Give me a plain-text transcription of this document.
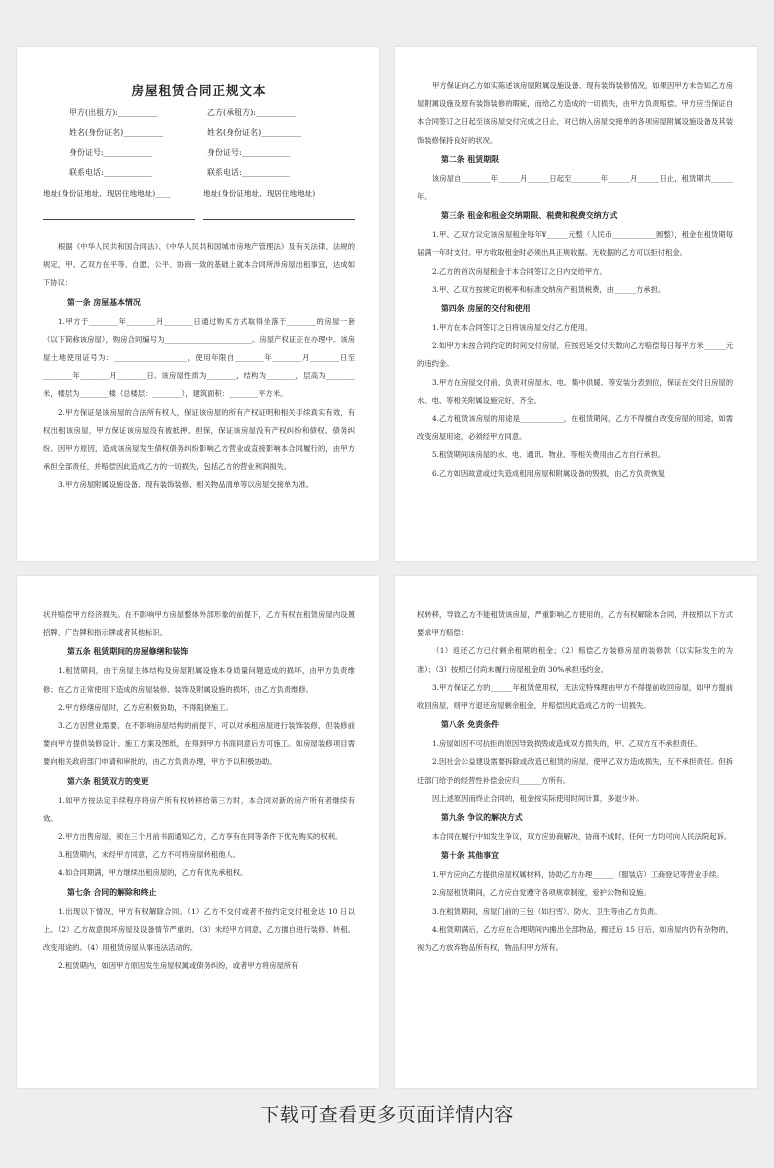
房屋租赁合同正规文本
甲方(出租方):__________	乙方(承租方):__________
姓名(身份证名)__________	姓名(身份证名)__________
身份证号:____________	身份证号:____________
联系电话:____________	联系电话:____________
地址(身份证地址、现居住地地址)____	地址(身份证地址、现居住地地址)

根据《中华人民共和国合同法》、《中华人民共和国城市房地产管理法》及有关法律、法规的规定，甲、乙双方在平等、自愿、公平、协商一致的基础上就本合同所涉房屋出租事宜，达成如下协议：

第一条 房屋基本情况

1.甲方于________年________月________日通过购买方式取得坐落于________的房屋一套（以下简称该房屋），购房合同编号为________________________。房屋产权证正在办理中。该房屋土地使用证号为：____________________，使用年限自________年________月________日至________年________月________日。该房屋性质为________，结构为________，层高为________米，楼层为________楼（总楼层：________），建筑面积：________平方米。

2.甲方保证是该房屋的合法所有权人，保证该房屋的所有产权证明和相关手续真实有效，有权出租该房屋，甲方保证该房屋没有被抵押、担保，保证该房屋没有产权纠纷和债权、债务纠纷。因甲方原因，造成该房屋发生债权债务纠纷影响乙方营业或直接影响本合同履行的，由甲方承担全部责任，并赔偿因此造成乙方的一切损失，包括乙方的营业利润损失。

3.甲方房屋附属设施设备、现有装饰装修、相关物品清单等以房屋交接单为准。

甲方保证向乙方如实陈述该房屋附属设施设备、现有装饰装修情况，如果因甲方未告知乙方房屋附属设施及原有装饰装修的瑕疵，而给乙方造成的一切损失，由甲方负责赔偿。甲方应当保证自本合同签订之日起至该房屋交付完成之日止，对已纳入房屋交接单的各项房屋附属设施设备及其装饰装修保持良好的状况。

第二条 租赁期限

该房屋自________年______月______日起至________年______月______日止，租赁期共______年。

第三条 租金和租金交纳期限、税费和税费交纳方式

1.甲、乙双方议定该房屋租金每年¥______元整（人民币____________圆整），租金在租赁期每届满一年时支付。甲方收取租金时必须出具正规收据。无收据的乙方可以拒付租金。

2.乙方的首次房屋租金于本合同签订之日内交给甲方。

3.甲、乙双方按规定的税率和标准交纳房产租赁税费，由______方承担。

第四条 房屋的交付和使用

1.甲方在本合同签订之日将该房屋交付乙方使用。

2.如甲方未按合同约定的时间交付房屋，应按迟延交付天数向乙方赔偿每日每平方米______元的违约金。

3.甲方在房屋交付前，负责对房屋水、电、集中供暖、等安装分表到位，保证在交付日房屋的水、电、等相关附属设施完好，齐全。

4.乙方租赁该房屋的用途是____________，在租赁期间，乙方不得擅自改变房屋的用途，如需改变房屋用途，必须经甲方同意。

5.租赁期间该房屋的水、电、通讯、物业、等相关费用由乙方自行承担。

6.乙方如因故意或过失造成租用房屋和附属设备的毁损，由乙方负责恢复

状并赔偿甲方经济损失。在不影响甲方房屋整体外部形象的前提下，乙方有权在租赁房屋内设置招牌、广告牌和指示牌或者其他标识。

第五条 租赁期间的房屋修缮和装饰

1.租赁期间，由于房屋主体结构及房屋附属设施本身质量问题造成的损坏，由甲方负责维修；在乙方正常使用下造成的房屋装修、装饰及附属设施的损坏，由乙方负责维修。

2.甲方修缮房屋时，乙方应积极协助，不得阻挠施工。

3.乙方因营业需要，在不影响房屋结构的前提下，可以对承租房屋进行装饰装修，但装修前要向甲方提供装修设计、施工方案及图纸，在得到甲方书面同意后方可施工。如房屋装修项目需要向相关政府部门申请和审批的，由乙方负责办理，甲方予以积极协助。

第六条 租赁双方的变更

1.如甲方按法定手续程序将房产所有权转移给第三方时，本合同对新的房产所有者继续有效。

2.甲方出售房屋，须在三个月前书面通知乙方，乙方享有在同等条件下优先购买的权利。

3.租赁期内，未经甲方同意，乙方不可将房屋转租他人。

4.如合同期满，甲方继续出租房屋的，乙方有优先承租权。

第七条 合同的解除和终止

1.出现以下情况，甲方有权解除合同。（1）乙方不交付或者不按约定交付租金达 10 日以上。（2）乙方故意损坏房屋及设备情节严重的。（3）未经甲方同意，乙方擅自进行装修、转租、改变用途的。（4）用租赁房屋从事违法活动的。

2.租赁期内，如因甲方原因发生房屋权属或债务纠纷，或者甲方将房屋所有

权转移，导致乙方不能租赁该房屋，严重影响乙方使用的，乙方有权解除本合同，并按照以下方式要求甲方赔偿：

（1）返还乙方已付剩余租期的租金；（2）赔偿乙方装修房屋的装修款（以实际发生的为准）；（3）按照已付尚未履行房屋租金的 30%承担违约金。

3.甲方保证乙方的______年租赁使用权，无法定特殊理由甲方不得提前收回房屋，如甲方提前收回房屋，则甲方退还房屋剩余租金，并赔偿因此造成乙方的一切损失。

第八条 免责条件

1.房屋如因不可抗拒的原因导致损毁或造成双方损失的，甲、乙双方互不承担责任。

2.因社会公益建设需要拆除或改造已租赁的房屋，使甲乙双方造成损失，互不承担责任。但拆迁部门给予的经营性补偿金应归______方所有。

因上述原因而终止合同的，租金按实际使用时间计算，多退少补。

第九条 争议的解决方式

本合同在履行中如发生争议，双方应协商解决，协商不成时，任何一方均可向人民法院起诉。

第十条 其他事宜

1.甲方应向乙方提供房屋权属材料，协助乙方办理______（服装店）工商登记等营业手续。

2.房屋租赁期间，乙方应自觉遵守各项规章制度，爱护公物和设施。

3.在租赁期间，房屋门前的三包（如扫雪）、防火、卫生等由乙方负责。

4.租赁期满后，乙方应在合理期间内搬出全部物品，搬迁后 15 日后，如房屋内仍有杂物的，视为乙方放弃物品所有权，物品归甲方所有。

下载可查看更多页面详情内容
